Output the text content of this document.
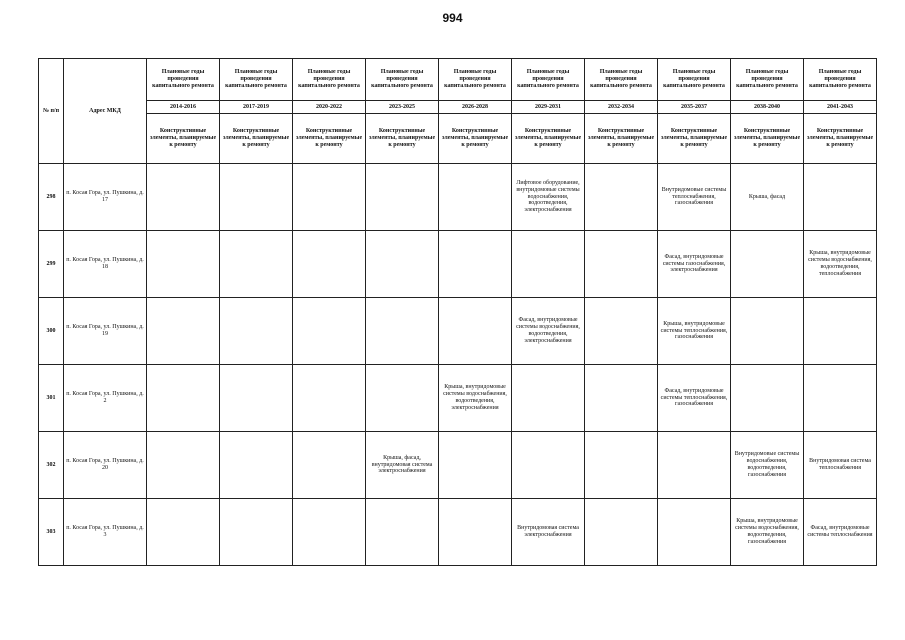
994
№ п/п	Адрес МКД	Плановые годы проведения капитального ремонта	Плановые годы проведения капитального ремонта	Плановые годы проведения капитального ремонта	Плановые годы проведения капитального ремонта	Плановые годы проведения капитального ремонта	Плановые годы проведения капитального ремонта	Плановые годы проведения капитального ремонта	Плановые годы проведения капитального ремонта	Плановые годы проведения капитального ремонта	Плановые годы проведения капитального ремонта
		2014-2016	2017-2019	2020-2022	2023-2025	2026-2028	2029-2031	2032-2034	2035-2037	2038-2040	2041-2043
		Конструктивные элементы, планируемые к ремонту	Конструктивные элементы, планируемые к ремонту	Конструктивные элементы, планируемые к ремонту	Конструктивные элементы, планируемые к ремонту	Конструктивные элементы, планируемые к ремонту	Конструктивные элементы, планируемые к ремонту	Конструктивные элементы, планируемые к ремонту	Конструктивные элементы, планируемые к ремонту	Конструктивные элементы, планируемые к ремонту	Конструктивные элементы, планируемые к ремонту
298	п. Косая Гора, ул. Пушкина, д. 17						Лифтовое оборудование, внутридомовые системы водоснабжения, водоотведения, электроснабжения		Внутридомовые системы теплоснабжения, газоснабжения	Крыша, фасад	
299	п. Косая Гора, ул. Пушкина, д. 18								Фасад, внутридомовые системы газоснабжения, электроснабжения		Крыша, внутридомовые системы водоснабжения, водоотведения, теплоснабжения
300	п. Косая Гора, ул. Пушкина, д. 19						Фасад, внутридомовые системы водоснабжения, водоотведения, электроснабжения		Крыша, внутридомовые системы теплоснабжения, газоснабжения		
301	п. Косая Гора, ул. Пушкина, д. 2					Крыша, внутридомовые системы водоснабжения, водоотведения, электроснабжения			Фасад, внутридомовые системы теплоснабжения, газоснабжения		
302	п. Косая Гора, ул. Пушкина, д. 20				Крыша, фасад, внутридомовая система электроснабжения					Внутридомовые системы водоснабжения, водоотведения, газоснабжения	Внутридомовая система теплоснабжения
303	п. Косая Гора, ул. Пушкина, д. 3						Внутридомовая система электроснабжения			Крыша, внутридомовые системы водоснабжения, водоотведения, газоснабжения	Фасад, внутридомовые системы теплоснабжения
